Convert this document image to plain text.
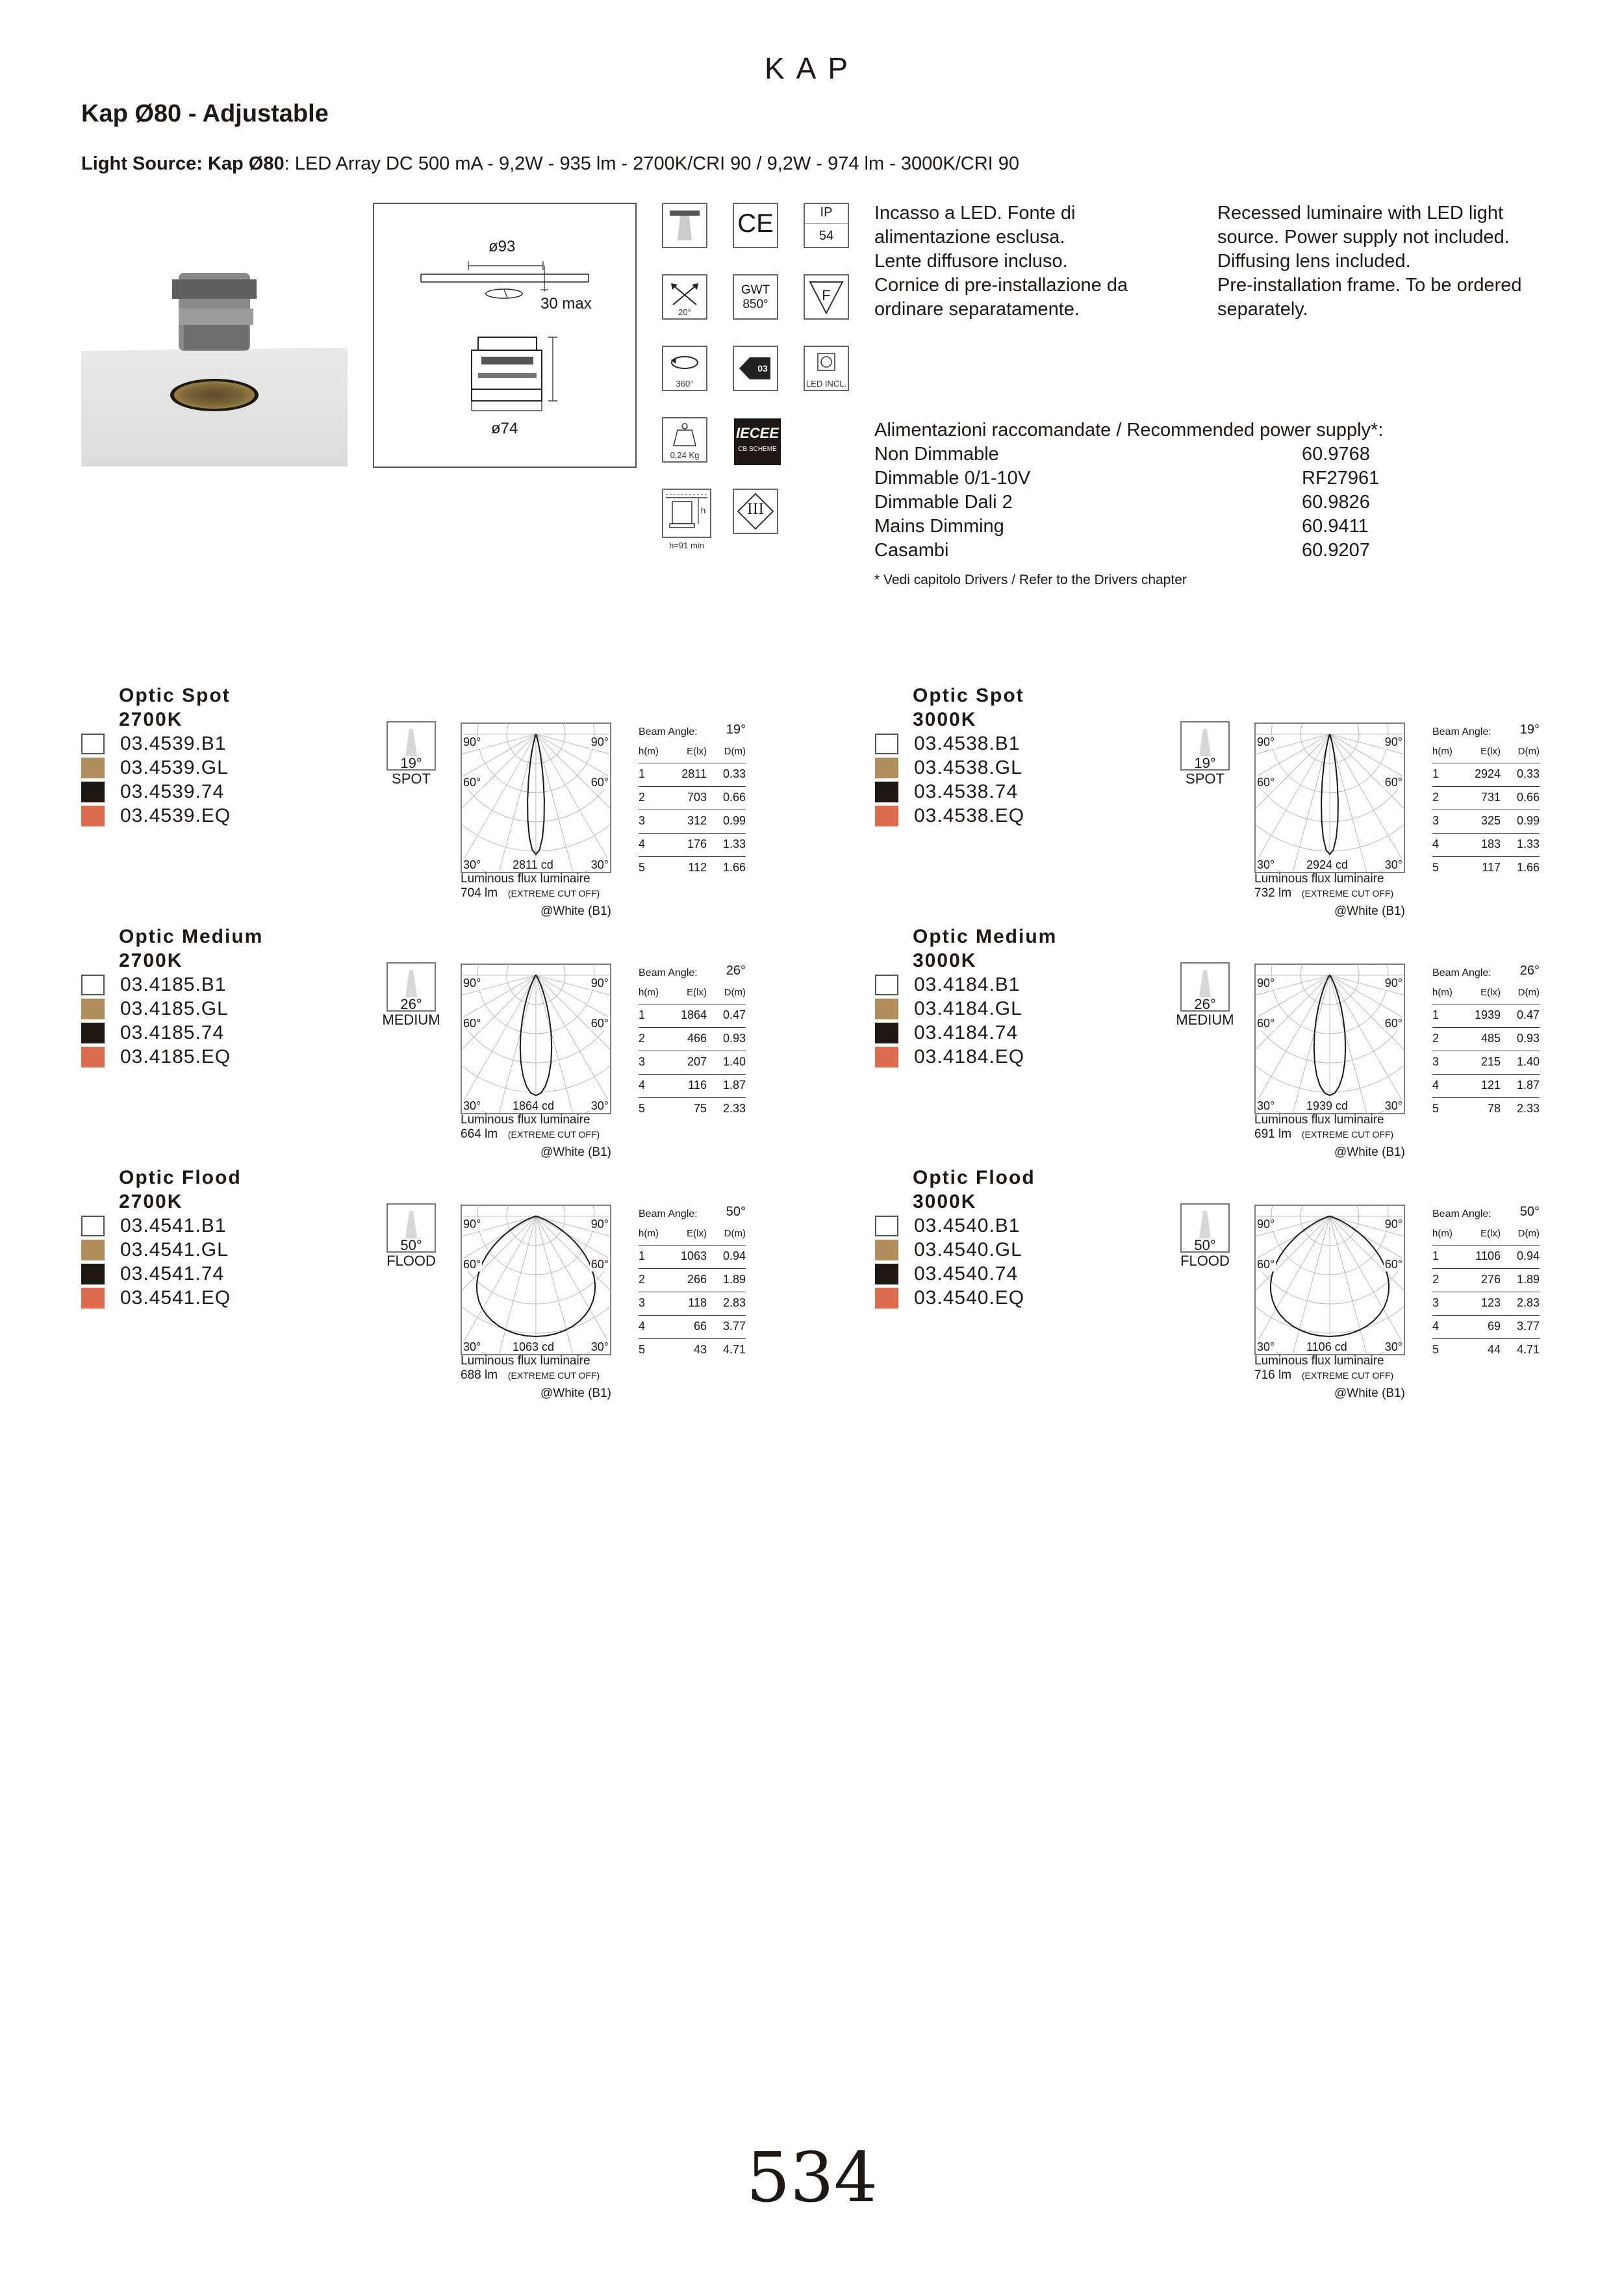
KAP
Kap Ø80 - Adjustable
Light Source: Kap Ø80: LED Array DC 500 mA - 9,2W - 935 lm - 2700K/CRI 90 / 9,2W - 974 lm - 3000K/CRI 90
ø93
30 max
ø74
CE	IP
54
20°
GWT
850°
F
360°
03
LED INCL.
0,24 Kg
IECEE
CB SCHEME
h
h=91 min
III
Incasso a LED. Fonte di
alimentazione esclusa.
Lente diffusore incluso.
Cornice di pre-installazione da
ordinare separatamente.
Recessed luminaire with LED light
source. Power supply not included.
Diffusing lens included.
Pre-installation frame. To be ordered
separately.
Alimentazioni raccomandate / Recommended power supply*:
Non Dimmable	60.9768
Dimmable 0/1-10V	RF27961
Dimmable Dali 2	60.9826
Mains Dimming	60.9411
Casambi	60.9207
* Vedi capitolo Drivers / Refer to the Drivers chapter
Optic Spot
2700K
03.4539.B1
03.4539.GL
03.4539.74
03.4539.EQ
19°
SPOT
90°	90°
60°	60°
30°	30°
2811 cd
Luminous flux luminaire
704 lm (EXTREME CUT OFF)
@White (B1)
Beam Angle: 19°
h(m)	E(lx) D(m)
1	2811 0.33
2	703 0.66
3	312 0.99
4	176 1.33
5	112 1.66
Optic Spot
3000K
03.4538.B1
03.4538.GL
03.4538.74
03.4538.EQ
19°
SPOT
90°	90°
60°	60°
30°	30°
2924 cd
Luminous flux luminaire
732 lm (EXTREME CUT OFF)
@White (B1)
Beam Angle: 19°
h(m)	E(lx) D(m)
1	2924 0.33
2	731 0.66
3	325 0.99
4	183 1.33
5	117 1.66
Optic Medium
2700K
03.4185.B1
03.4185.GL
03.4185.74
03.4185.EQ
26°
MEDIUM
90°	90°
60°	60°
30°	30°
1864 cd
Luminous flux luminaire
664 lm (EXTREME CUT OFF)
@White (B1)
Beam Angle: 26°
h(m)	E(lx) D(m)
1	1864 0.47
2	466 0.93
3	207 1.40
4	116 1.87
5	75 2.33
Optic Medium
3000K
03.4184.B1
03.4184.GL
03.4184.74
03.4184.EQ
26°
MEDIUM
90°	90°
60°	60°
30°	30°
1939 cd
Luminous flux luminaire
691 lm (EXTREME CUT OFF)
@White (B1)
Beam Angle: 26°
h(m)	E(lx) D(m)
1	1939 0.47
2	485 0.93
3	215 1.40
4	121 1.87
5	78 2.33
Optic Flood
2700K
03.4541.B1
03.4541.GL
03.4541.74
03.4541.EQ
50°
FLOOD
90°	90°
60°	60°
30°	30°
1063 cd
Luminous flux luminaire
688 lm (EXTREME CUT OFF)
@White (B1)
Beam Angle: 50°
h(m)	E(lx) D(m)
1	1063 0.94
2	266 1.89
3	118 2.83
4	66 3.77
5	43 4.71
Optic Flood
3000K
03.4540.B1
03.4540.GL
03.4540.74
03.4540.EQ
50°
FLOOD
90°	90°
60°	60°
30°	30°
1106 cd
Luminous flux luminaire
716 lm (EXTREME CUT OFF)
@White (B1)
Beam Angle: 50°
h(m)	E(lx) D(m)
1	1106 0.94
2	276 1.89
3	123 2.83
4	69 3.77
5	44 4.71
534
